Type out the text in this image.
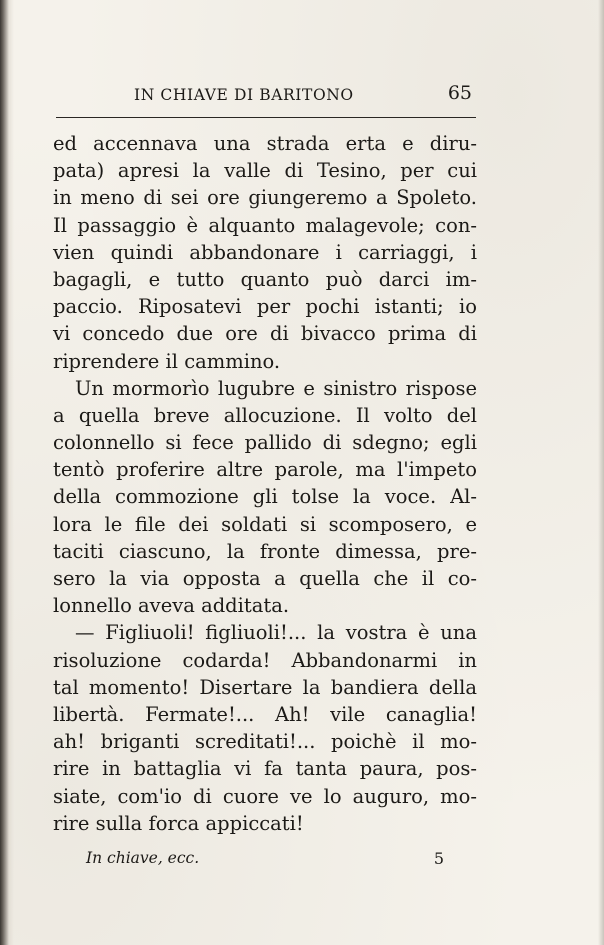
IN CHIAVE DI BARITONO	65
ed accennava una strada erta e diru-
pata) apresi la valle di Tesino, per cui
in meno di sei ore giungeremo a Spoleto.
Il passaggio è alquanto malagevole; con-
vien quindi abbandonare i carriaggi, i
bagagli, e tutto quanto può darci im-
paccio. Riposatevi per pochi istanti; io
vi concedo due ore di bivacco prima di
riprendere il cammino.
Un mormorìo lugubre e sinistro rispose
a quella breve allocuzione. Il volto del
colonnello si fece pallido di sdegno; egli
tentò proferire altre parole, ma l'impeto
della commozione gli tolse la voce. Al-
lora le file dei soldati si scomposero, e
taciti ciascuno, la fronte dimessa, pre-
sero la via opposta a quella che il co-
lonnello aveva additata.
— Figliuoli! figliuoli!... la vostra è una
risoluzione codarda! Abbandonarmi in
tal momento! Disertare la bandiera della
libertà. Fermate!... Ah! vile canaglia!
ah! briganti screditati!... poichè il mo-
rire in battaglia vi fa tanta paura, pos-
siate, com'io di cuore ve lo auguro, mo-
rire sulla forca appiccati!
In chiave, ecc.	5
